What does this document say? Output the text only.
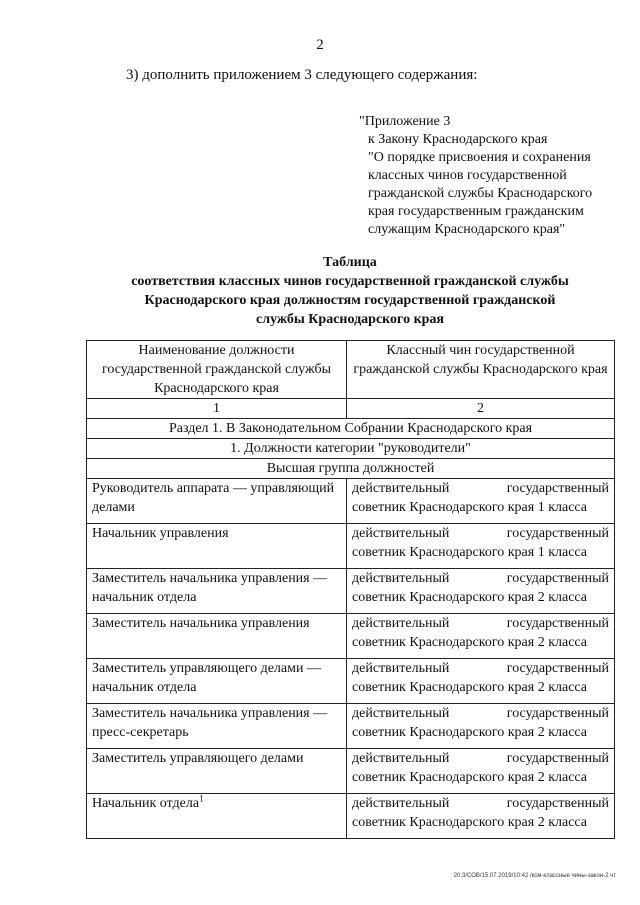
2
3) дополнить приложением 3 следующего содержания:
"Приложение 3
к Закону Краснодарского края
"О порядке присвоения и сохранения
классных чинов государственной
гражданской службы Краснодарского
края государственным гражданским
служащим Краснодарского края"
Таблица
соответствия классных чинов государственной гражданской службы
Краснодарского края должностям государственной гражданской
службы Краснодарского края
Наименование должности государственной гражданской службы Краснодарского края	Классный чин государственной гражданской службы Краснодарского края
1	2
Раздел 1. В Законодательном Собрании Краснодарского края	
1. Должности категории "руководители"	
Высшая группа должностей	
Руководитель аппарата — управляющий делами	действительный государственный советник Краснодарского края 1 класса
Начальник управления	действительный государственный советник Краснодарского края 1 класса
Заместитель начальника управления — начальник отдела	действительный государственный советник Краснодарского края 2 класса
Заместитель начальника управления	действительный государственный советник Краснодарского края 2 класса
Заместитель управляющего делами — начальник отдела	действительный государственный советник Краснодарского края 2 класса
Заместитель начальника управления — пресс-секретарь	действительный государственный советник Краснодарского края 2 класса
Заместитель управляющего делами	действительный государственный советник Краснодарского края 2 класса
Начальник отдела$^1$	действительный государственный советник Краснодарского края 2 класса
20.3/СОВ/15.07.2019/10:42 /ксм-классные чины-закон-2 чт
